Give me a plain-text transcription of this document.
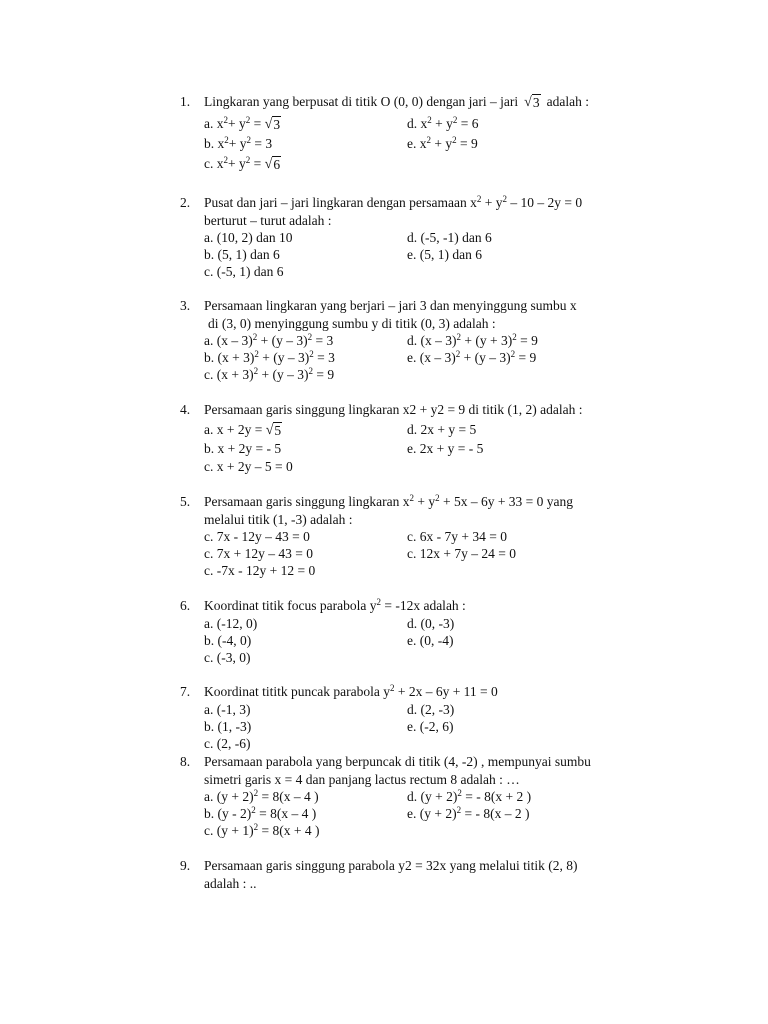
1.	Lingkaran yang berpusat di titik O (0, 0) dengan jari – jari √ 3 adalah :
a. $x^2+ y^2$ = √ 3	d. $x^2 + y^2 = 6$
b. $x^2+ y^2 = 3$	e. $x^2 + y^2 = 9$
c. $x^2+ y^2$ = √ 6
2.	Pusat dan jari – jari lingkaran dengan persamaan $x^2 + y^2 - 10 - 2y = 0$
berturut – turut adalah :
a. (10, 2) dan 10	d. (-5, -1) dan 6
b. (5, 1) dan 6	e. (5, 1) dan 6
c. (-5, 1) dan 6
3.	Persamaan lingkaran yang berjari – jari 3 dan menyinggung sumbu x
di (3, 0) menyinggung sumbu y di titik (0, 3) adalah :
a. (x – 3)$^2$ + (y – 3)$^2$ = 3	d. $(x - 3)^2 + (y + 3)^2 = 9$
b. $(x + 3)^2 + (y - 3)^2 = 3$	e. (x – 3)$^2$ + (y – 3)$^2$ = 9
c. $(x + 3)^2 + (y - 3)^2 = 9$
4.	Persamaan garis singgung lingkaran x2 + y2 = 9 di titik (1, 2) adalah :
a. x + 2y = √ 5	d. 2x + y = 5
b. x + 2y = - 5	e. 2x + y = - 5
c. x + 2y – 5 = 0
5.	Persamaan garis singgung lingkaran $x^2 + y^2 + 5x - 6y + 33 = 0$ yang
melalui titik (1, -3) adalah :
c. 7x - 12y – 43 = 0	c. 6x - 7y + 34 = 0
c. 7x + 12y – 43 = 0	c. 12x + 7y – 24 = 0
c. -7x - 12y + 12 = 0
6.	Koordinat titik focus parabola $y^2 = -12x$ adalah :
a. (-12, 0)	d. (0, -3)
b. (-4, 0)	e. (0, -4)
c. (-3, 0)
7.	Koordinat tititk puncak parabola $y^2 + 2x - 6y + 11 = 0$
a. (-1, 3)	d. (2, -3)
b. (1, -3)	e. (-2, 6)
c. (2, -6)
8.	Persamaan parabola yang berpuncak di titik (4, -2) , mempunyai sumbu
simetri garis x = 4 dan panjang lactus rectum 8 adalah : …
a. $(y + 2)^2 = 8(x - 4$ )	d. $(y + 2)^2$ = - 8(x + 2 )
b. (y - 2)$^2$ = 8(x – 4 )	e. $(y + 2)^2$ = - 8(x – 2 )
c. $(y + 1)^2 = 8(x + 4$ )
9.	Persamaan garis singgung parabola y2 = 32x yang melalui titik (2, 8)
adalah : ..
